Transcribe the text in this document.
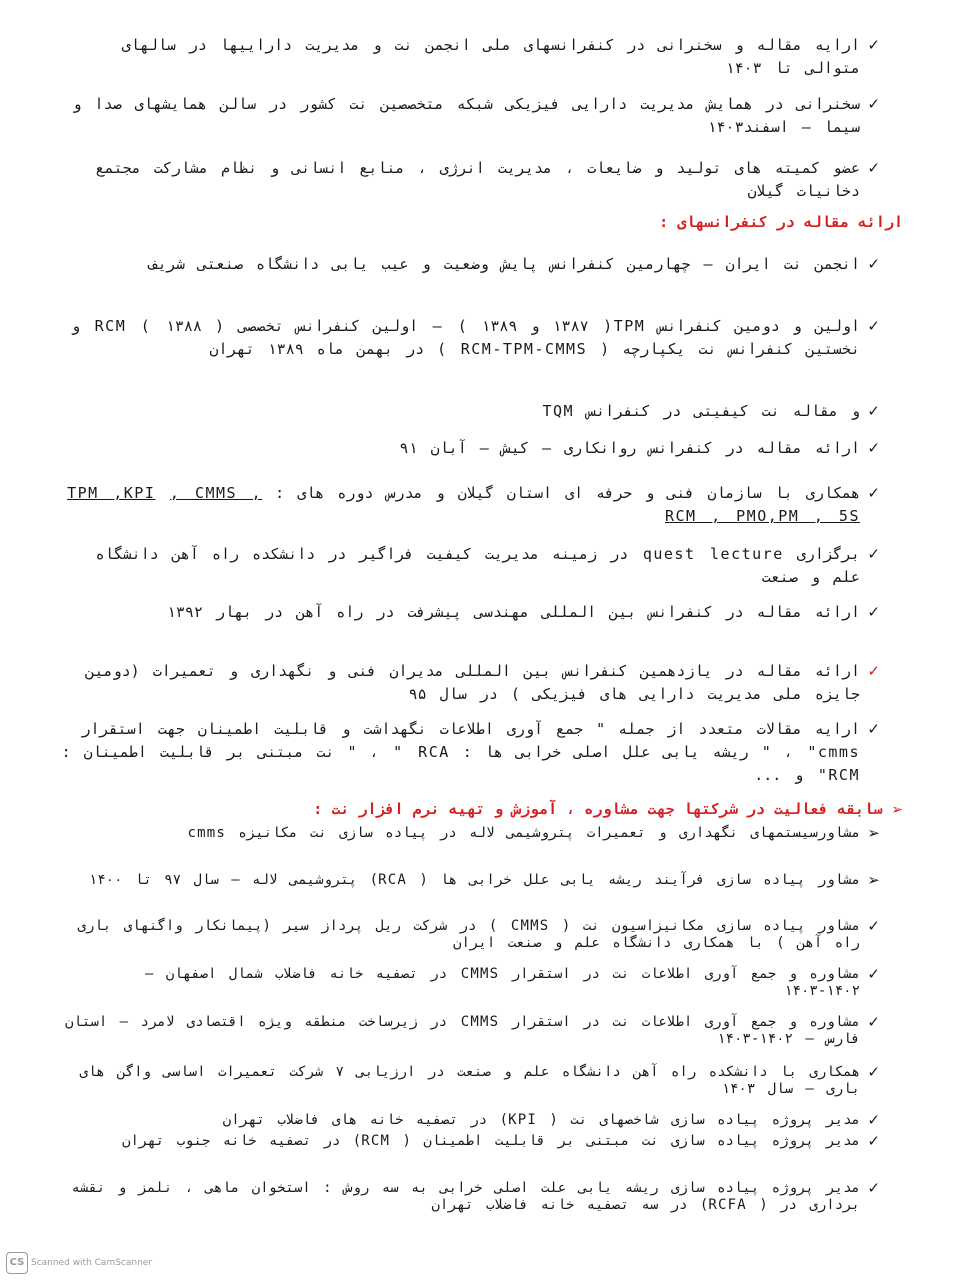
✓
ارایه مقاله و سخنرانی در کنفرانسهای ملی انجمن نت و مدیریت داراییها در سالهای متوالی تا ۱۴۰۳
✓
سخنرانی در همایش مدیریت دارایی فیزیکی شبکه متخصصین نت کشور در سالن همایشهای صدا و سیما – اسفند۱۴۰۳
✓
عضو کمیته های تولید و ضایعات ، مدیریت انرژی ، منابع انسانی و نظام مشارکت مجتمع دخانیات گیلان
ارائه مقاله در کنفرانسهای :
✓
انجمن نت ایران – چهارمین کنفرانس پایش وضعیت و عیب یابی دانشگاه صنعتی شریف
✓
اولین و دومین کنفرانس TPM( ۱۳۸۷ و ۱۳۸۹ ) – اولین کنفرانس تخصصی RCM ( ۱۳۸۸ ) و نخستین کنفرانس نت یکپارچه ( RCM-TPM-CMMS ) در بهمن ماه ۱۳۸۹ تهران
✓
و مقاله نت کیفیتی در کنفرانس TQM
✓
ارائه مقاله در کنفرانس روانکاری – کیش – آبان ۹۱
✓
همکاری با سازمان فنی و حرفه ای استان گیلان و مدرس دوره های : TPM ,KPI , CMMS , RCM , PMO,PM , 5S
✓
برگزاری quest lecture در زمینه مدیریت کیفیت فراگیر در دانشکده راه آهن دانشگاه علم و صنعت
✓
ارائه مقاله در کنفرانس بین المللی مهندسی پیشرفت در راه آهن در بهار ۱۳۹۲
✓
ارائه مقاله در یازدهمین کنفرانس بین المللی مدیران فنی و نگهداری و تعمیرات (دومین جایزه ملی مدیریت دارایی های فیزیکی ) در سال ۹۵
✓
ارایه مقالات متعدد از جمله " جمع آوری اطلاعات نگهداشت و قابلیت اطمینان جهت استقرار cmms" ، " ریشه یابی علل اصلی خرابی ها : RCA " ، " نت مبتنی بر قابلیت اطمینان : RCM" و ...
➢ سابقه فعالیت در شرکتها جهت مشاوره ، آموزش و تهیه نرم افزار نت :
➢
مشاورسیستمهای نگهداری و تعمیرات پتروشیمی لاله در پیاده سازی نت مکانیزه cmms
➢
مشاور پیاده سازی فرآیند ریشه یابی علل خرابی ها ( RCA) پتروشیمی لاله – سال ۹۷ تا ۱۴۰۰
✓
مشاور پیاده سازی مکانیزاسیون نت ( CMMS ) در شرکت ریل پرداز سیر (پیمانکار واگنهای باری راه آهن ) با همکاری دانشگاه علم و صنعت ایران
✓
مشاوره و جمع آوری اطلاعات نت در استقرار CMMS در تصفیه خانه فاضلاب شمال اصفهان – ۱۴۰۲-۱۴۰۳
✓
مشاوره و جمع آوری اطلاعات نت در استقرار CMMS در زیرساخت منطقه ویژه اقتصادی لامرد – استان فارس – ۱۴۰۲-۱۴۰۳
✓
همکاری با دانشکده راه آهن دانشگاه علم و صنعت در ارزیابی ۷ شرکت تعمیرات اساسی واگن های باری – سال ۱۴۰۳
✓
مدیر پروژه پیاده سازی شاخصهای نت ( KPI) در تصفیه خانه های فاضلاب تهران
✓
مدیر پروژه پیاده سازی نت مبتنی بر قابلیت اطمینان ( RCM) در تصفیه خانه جنوب تهران
✓
مدیر پروژه پیاده سازی ریشه یابی علت اصلی خرابی به سه روش : استخوان ماهی ، نلمز و نقشه برداری در ( RCFA) در سه تصفیه خانه فاضلاب تهران
CS Scanned with CamScanner
